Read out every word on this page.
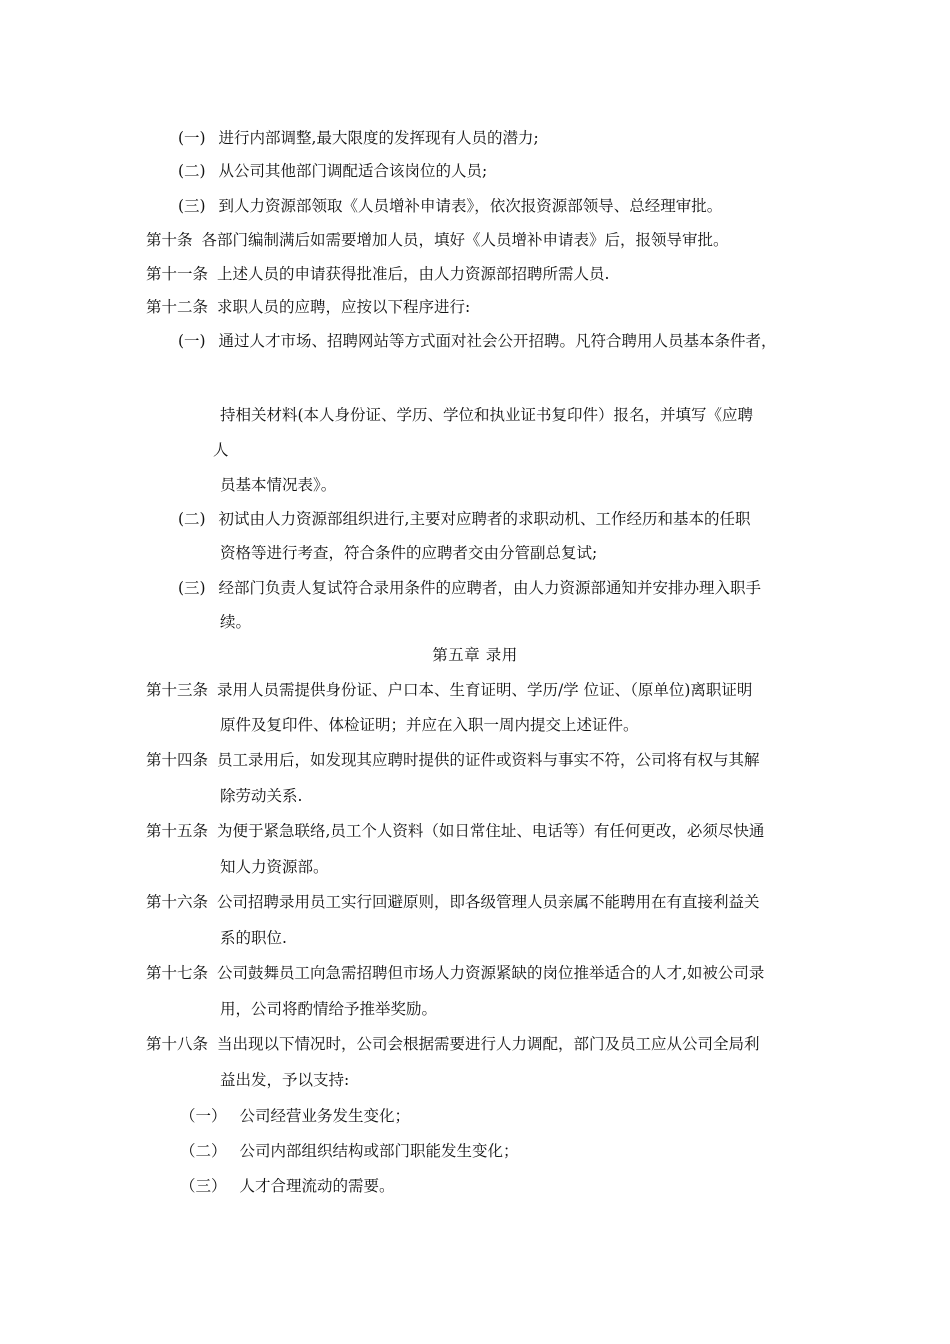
(一) 进行内部调整,最大限度的发挥现有人员的潜力;

(二) 从公司其他部门调配适合该岗位的人员;

(三) 到人力资源部领取《人员增补申请表》，依次报资源部领导、总经理审批。

第十条 各部门编制满后如需要增加人员，填好《人员增补申请表》后，报领导审批。

第十一条 上述人员的申请获得批准后，由人力资源部招聘所需人员.

第十二条 求职人员的应聘，应按以下程序进行:

(一) 通过人才市场、招聘网站等方式面对社会公开招聘。凡符合聘用人员基本条件者，

持相关材料(本人身份证、学历、学位和执业证书复印件）报名，并填写《应聘

人

员基本情况表》。

(二) 初试由人力资源部组织进行,主要对应聘者的求职动机、工作经历和基本的任职

资格等进行考查，符合条件的应聘者交由分管副总复试;

(三) 经部门负责人复试符合录用条件的应聘者，由人力资源部通知并安排办理入职手

续。

第五章 录用

第十三条 录用人员需提供身份证、户口本、生育证明、学历/学 位证、（原单位)离职证明

原件及复印件、体检证明；并应在入职一周内提交上述证件。

第十四条 员工录用后，如发现其应聘时提供的证件或资料与事实不符，公司将有权与其解

除劳动关系.

第十五条 为便于紧急联络,员工个人资料（如日常住址、电话等）有任何更改，必须尽快通

知人力资源部。

第十六条 公司招聘录用员工实行回避原则，即各级管理人员亲属不能聘用在有直接利益关

系的职位.

第十七条 公司鼓舞员工向急需招聘但市场人力资源紧缺的岗位推举适合的人才,如被公司录

用，公司将酌情给予推举奖励。

第十八条 当出现以下情况时，公司会根据需要进行人力调配，部门及员工应从公司全局利

益出发，予以支持:

（一） 公司经营业务发生变化；

（二） 公司内部组织结构或部门职能发生变化；

（三） 人才合理流动的需要。
